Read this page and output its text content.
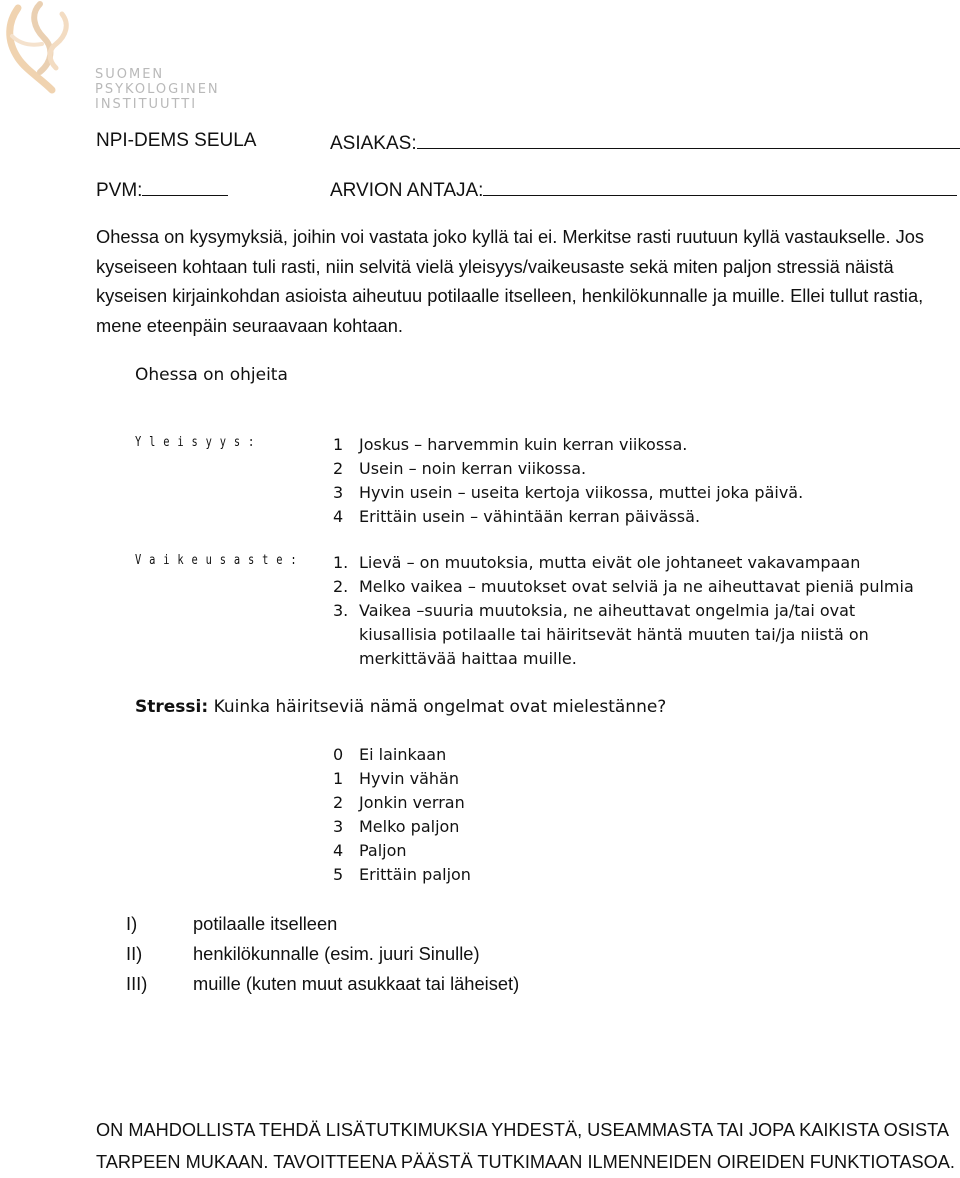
SUOMEN
PSYKOLOGINEN
INSTITUUTTI
NPI-DEMS SEULA	ASIAKAS:
PVM:	ARVION ANTAJA:
Ohessa on kysymyksiä, joihin voi vastata joko kyllä tai ei. Merkitse rasti ruutuun kyllä vastaukselle. Jos kyseiseen kohtaan tuli rasti, niin selvitä vielä yleisyys/vaikeusaste sekä miten paljon stressiä näistä kyseisen kirjainkohdan asioista aiheutuu potilaalle itselleen, henkilökunnalle ja muille. Ellei tullut rastia, mene eteenpäin seuraavaan kohtaan.
Ohessa on ohjeita
Y l e i s y y s :	1 Joskus – harvemmin kuin kerran viikossa.
2 Usein – noin kerran viikossa.
3 Hyvin usein – useita kertoja viikossa, muttei joka päivä.
4 Erittäin usein – vähintään kerran päivässä.
V a i k e u s a s t e : 1. Lievä – on muutoksia, mutta eivät ole johtaneet vakavampaan
2. Melko vaikea – muutokset ovat selviä ja ne aiheuttavat pieniä pulmia
3. Vaikea –suuria muutoksia, ne aiheuttavat ongelmia ja/tai ovat kiusallisia potilaalle tai häiritsevät häntä muuten tai/ja niistä on merkittävää haittaa muille.
Stressi: Kuinka häiritseviä nämä ongelmat ovat mielestänne?
0 Ei lainkaan
1 Hyvin vähän
2 Jonkin verran
3 Melko paljon
4 Paljon
5 Erittäin paljon
I)	potilaalle itselleen
II)	henkilökunnalle (esim. juuri Sinulle)
III)	muille (kuten muut asukkaat tai läheiset)
ON MAHDOLLISTA TEHDÄ LISÄTUTKIMUKSIA YHDESTÄ, USEAMMASTA TAI JOPA KAIKISTA OSISTA
TARPEEN MUKAAN. TAVOITTEENA PÄÄSTÄ TUTKIMAAN ILMENNEIDEN OIREIDEN FUNKTIOTASOA.
